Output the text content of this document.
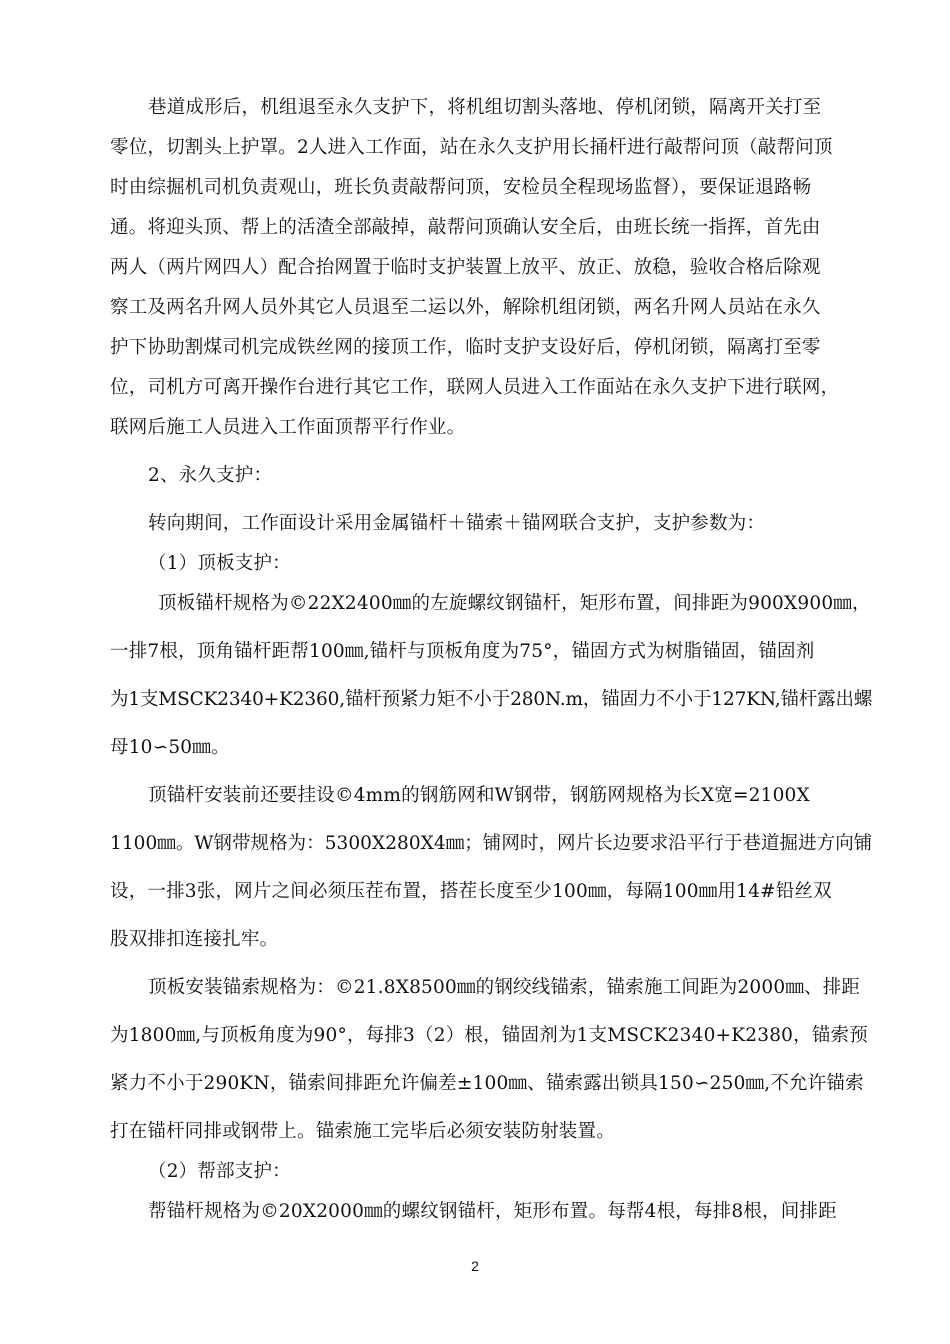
巷道成形后，机组退至永久支护下，将机组切割头落地、停机闭锁，隔离开关打至
零位，切割头上护罩。2人进入工作面，站在永久支护用长捅杆进行敲帮问顶（敲帮问顶
时由综掘机司机负责观山，班长负责敲帮问顶，安检员全程现场监督），要保证退路畅
通。将迎头顶、帮上的活渣全部敲掉，敲帮问顶确认安全后，由班长统一指挥，首先由
两人（两片网四人）配合抬网置于临时支护装置上放平、放正、放稳，验收合格后除观
察工及两名升网人员外其它人员退至二运以外，解除机组闭锁，两名升网人员站在永久
护下协助割煤司机完成铁丝网的接顶工作，临时支护支设好后，停机闭锁，隔离打至零
位，司机方可离开操作台进行其它工作，联网人员进入工作面站在永久支护下进行联网，
联网后施工人员进入工作面顶帮平行作业。
2、永久支护：
转向期间，工作面设计采用金属锚杆＋锚索＋锚网联合支护，支护参数为：
（1）顶板支护：
顶板锚杆规格为©22X2400㎜的左旋螺纹钢锚杆，矩形布置，间排距为900X900㎜，
一排7根，顶角锚杆距帮100㎜,锚杆与顶板角度为75°，锚固方式为树脂锚固，锚固剂
为1支MSCK2340+K2360,锚杆预紧力矩不小于280N.m，锚固力不小于127KN,锚杆露出螺
母10∽50㎜。
顶锚杆安装前还要挂设©4mm的钢筋网和W钢带，钢筋网规格为长X宽=2100X
1100㎜。W钢带规格为：5300X280X4㎜；铺网时，网片长边要求沿平行于巷道掘进方向铺
设，一排3张，网片之间必须压茬布置，搭茬长度至少100㎜，每隔100㎜用14#铅丝双
股双排扣连接扎牢。
顶板安装锚索规格为：©21.8X8500㎜的钢绞线锚索，锚索施工间距为2000㎜、排距
为1800㎜,与顶板角度为90°，每排3（2）根，锚固剂为1支MSCK2340+K2380，锚索预
紧力不小于290KN，锚索间排距允许偏差±100㎜、锚索露出锁具150∽250㎜,不允许锚索
打在锚杆同排或钢带上。锚索施工完毕后必须安装防射装置。
（2）帮部支护：
帮锚杆规格为©20X2000㎜的螺纹钢锚杆，矩形布置。每帮4根，每排8根，间排距
2
